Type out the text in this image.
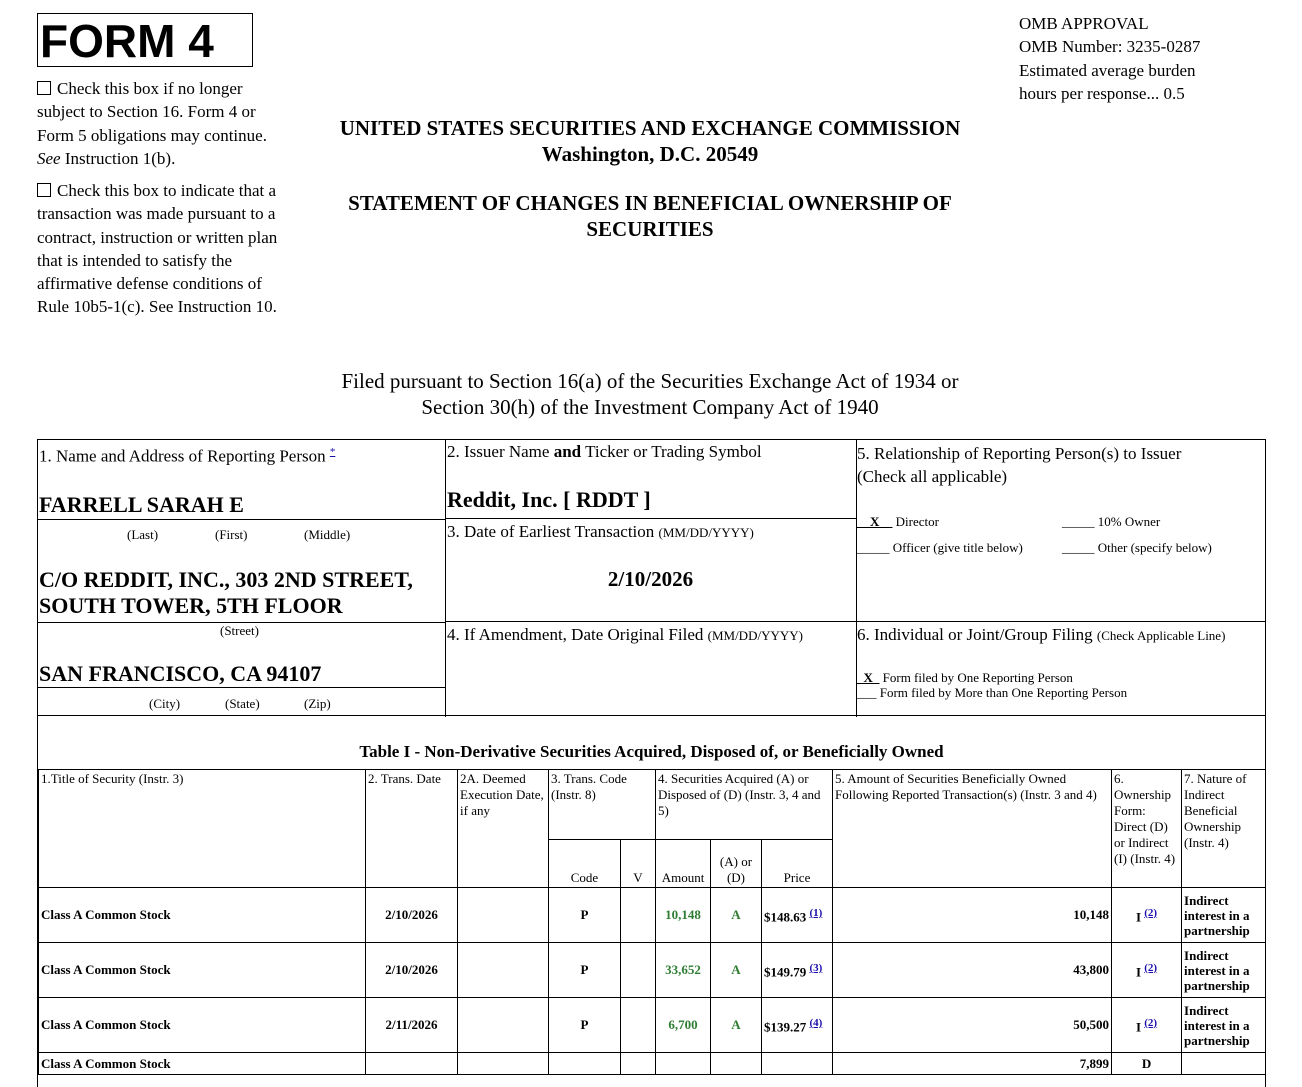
FORM 4
Check this box if no longer subject to Section 16. Form 4 or Form 5 obligations may continue. See Instruction 1(b).
Check this box to indicate that a transaction was made pursuant to a contract, instruction or written plan that is intended to satisfy the affirmative defense conditions of Rule 10b5-1(c). See Instruction 10.
OMB APPROVAL
OMB Number: 3235-0287
Estimated average burden
hours per response... 0.5
UNITED STATES SECURITIES AND EXCHANGE COMMISSION
Washington, D.C. 20549
STATEMENT OF CHANGES IN BENEFICIAL OWNERSHIP OF
SECURITIES
Filed pursuant to Section 16(a) of the Securities Exchange Act of 1934 or
Section 30(h) of the Investment Company Act of 1940
1. Name and Address of Reporting Person *
FARRELL SARAH E
(Last)	(First)	(Middle)
C/O REDDIT, INC., 303 2ND STREET,
SOUTH TOWER, 5TH FLOOR
(Street)
SAN FRANCISCO, CA 94107
(City)	(State)	(Zip)
2. Issuer Name and Ticker or Trading Symbol
Reddit, Inc. [ RDDT ]
3. Date of Earliest Transaction (MM/DD/YYYY)
2/10/2026
4. If Amendment, Date Original Filed (MM/DD/YYYY)
5. Relationship of Reporting Person(s) to Issuer
(Check all applicable)
__X__ Director	_____ 10% Owner
_____ Officer (give title below)	_____ Other (specify below)
6. Individual or Joint/Group Filing (Check Applicable Line)
_X_ Form filed by One Reporting Person
___ Form filed by More than One Reporting Person
Table I - Non-Derivative Securities Acquired, Disposed of, or Beneficially Owned
1.Title of Security (Instr. 3)	2. Trans. Date	2A. Deemed Execution Date, if any	3. Trans. Code (Instr. 8)		4. Securities Acquired (A) or Disposed of (D) (Instr. 3, 4 and 5)			5. Amount of Securities Beneficially Owned Following Reported Transaction(s) (Instr. 3 and 4)	6. Ownership Form: Direct (D) or Indirect (I) (Instr. 4)	7. Nature of Indirect Beneficial Ownership (Instr. 4)
			Code	V	Amount	(A) or (D)	Price			
Class A Common Stock	2/10/2026		P		10,148	A	$148.63 $^{(1)}$	10,148	I $^{(2)}$	Indirect interest in a partnership
Class A Common Stock	2/10/2026		P		33,652	A	$149.79 $^{(3)}$	43,800	I $^{(2)}$	Indirect interest in a partnership
Class A Common Stock	2/11/2026		P		6,700	A	$139.27 $^{(4)}$	50,500	I $^{(2)}$	Indirect interest in a partnership
Class A Common Stock								7,899	D	
